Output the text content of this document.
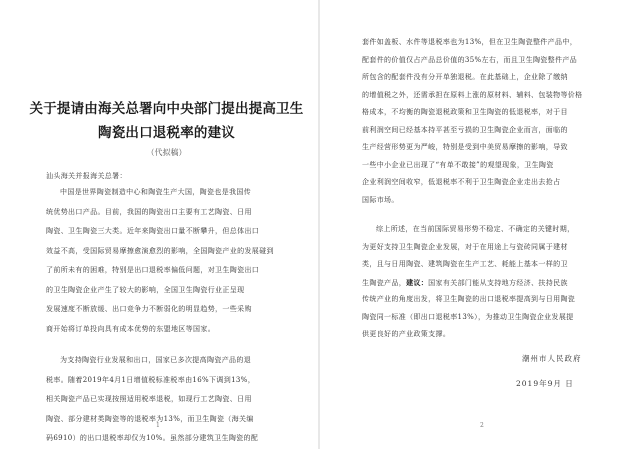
关于提请由海关总署向中央部门提出提高卫生
陶瓷出口退税率的建议
（代拟稿）
汕头海关并报海关总署：
中国是世界陶瓷制造中心和陶瓷生产大国，陶瓷也是我国传
统优势出口产品。目前，我国的陶瓷出口主要有工艺陶瓷、日用
陶瓷、卫生陶瓷三大类。近年来陶瓷出口量不断攀升，但总体出口
效益不高，受国际贸易摩擦愈演愈烈的影响，全国陶瓷产业的发展碰到
了前所未有的困难，特别是出口退税率偏低问题，对卫生陶瓷出口
的卫生陶瓷企业产生了较大的影响，全国卫生陶瓷行业正呈现
发展速度不断放缓、出口竞争力不断弱化的明显趋势，一些采购
商开始将订单投向具有成本优势的东盟地区等国家。
为支持陶瓷行业发展和出口，国家已多次提高陶瓷产品的退
税率。随着2019年4月1日增值税标准税率由16%下调到13%，
相关陶瓷产品已实现按照适用税率退税，如现行工艺陶瓷、日用
陶瓷、部分建材类陶瓷等的退税率为13%，而卫生陶瓷（海关编
码6910）的出口退税率却仅为10%。虽然部分建筑卫生陶瓷的配
1
套件如盖板、水件等退税率也为13%，但在卫生陶瓷整件产品中，
配套件的价值仅占产品总价值的35%左右，而且卫生陶瓷整件产品
所包含的配套件没有分开单独退税。在此基础上，企业除了缴纳
的增值税之外，还需承担在原料上涨的原材料、辅料、包装物等价格
格成本，不均衡的陶瓷退税政策和卫生陶瓷的低退税率，对于目
前利润空间已经基本持平甚至亏损的卫生陶瓷企业而言，面临的
生产经营形势更为严峻，特别是受到中美贸易摩擦的影响，导致
一些中小企业已出现了“有单不敢接”的观望现象，卫生陶瓷
企业利润空间收窄，低退税率不利于卫生陶瓷企业走出去抢占
国际市场。
综上所述，在当前国际贸易形势不稳定、不确定的关键时期，
为更好支持卫生陶瓷企业发展，对于在用途上与瓷砖同属于建材
类，且与日用陶瓷、建筑陶瓷在生产工艺、耗能上基本一样的卫
生陶瓷产品，建议：国家有关部门能从支持地方经济、扶持民族
传统产业的角度出发，将卫生陶瓷的出口退税率提高到与日用陶瓷
陶瓷同一标准（即出口退税率13%），为推动卫生陶瓷企业发展提
供更良好的产业政策支撑。
潮州市人民政府
2019年9月 日
2
